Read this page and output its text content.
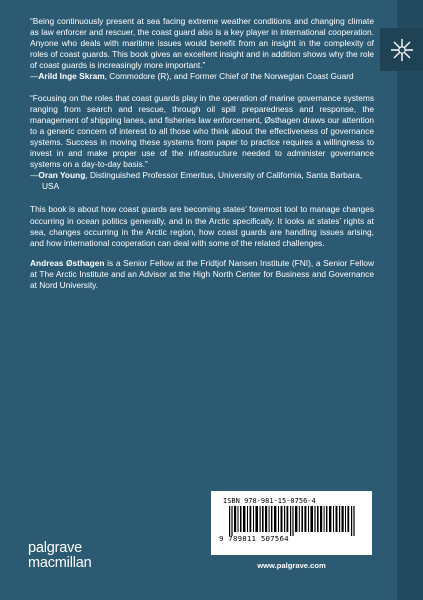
“Being continuously present at sea facing extreme weather conditions and changing climate as law enforcer and rescuer, the coast guard also is a key player in international cooperation. Anyone who deals with maritime issues would benefit from an insight in the complexity of roles of coast guards. This book gives an excellent insight and in addition shows why the role of coast guards is increasingly more important.”
—Arild Inge Skram, Commodore (R), and Former Chief of the Norwegian Coast Guard
“Focusing on the roles that coast guards play in the operation of marine governance systems ranging from search and rescue, through oil spill preparedness and response, the management of shipping lanes, and fisheries law enforcement, Østhagen draws our attention to a generic concern of interest to all those who think about the effectiveness of governance systems. Success in moving these systems from paper to practice requires a willingness to invest in and make proper use of the infrastructure needed to administer governance systems on a day-to-day basis.”
—Oran Young, Distinguished Professor Emeritus, University of California, Santa Barbara, USA
This book is about how coast guards are becoming states’ foremost tool to manage changes occurring in ocean politics generally, and in the Arctic specifically. It looks at states’ rights at sea, changes occurring in the Arctic region, how coast guards are handling issues arising, and how international cooperation can deal with some of the related challenges.
Andreas Østhagen is a Senior Fellow at the Fridtjof Nansen Institute (FNI), a Senior Fellow at The Arctic Institute and an Advisor at the High North Center for Business and Governance at Nord University.
ISBN 978-981-15-0756-4
9 789811 507564
www.palgrave.com
palgrave
macmillan
